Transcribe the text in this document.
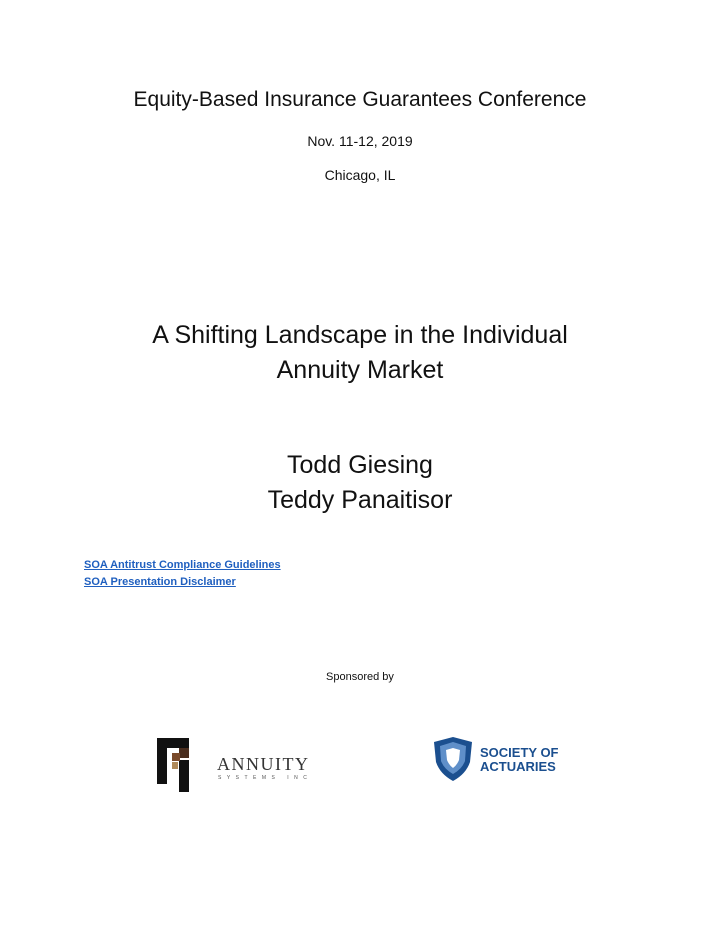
Equity-Based Insurance Guarantees Conference
Nov. 11-12, 2019
Chicago, IL
A Shifting Landscape in the Individual
Annuity Market
Todd Giesing
Teddy Panaitisor
SOA Antitrust Compliance Guidelines
SOA Presentation Disclaimer
Sponsored by
ANNUITY
SYSTEMS INC
SOCIETY OF
ACTUARIES
